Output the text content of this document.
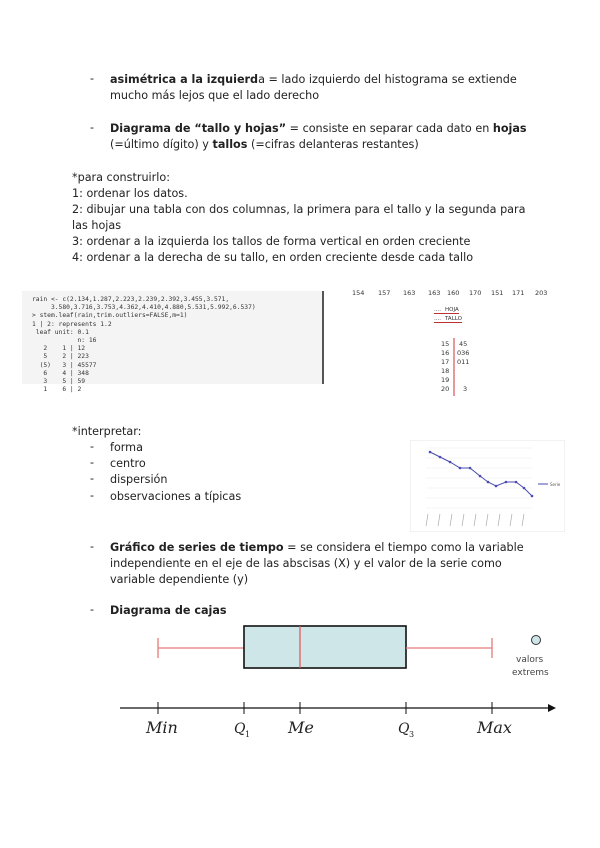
- asimétrica a la izquierda = lado izquierdo del histograma se extiende
mucho más lejos que el lado derecho
- Diagrama de “tallo y hojas” = consiste en separar cada dato en hojas
(=último dígito) y tallos (=cifras delanteras restantes)
*para construirlo:
1: ordenar los datos.
2: dibujar una tabla con dos columnas, la primera para el tallo y la segunda para
las hojas
3: ordenar a la izquierda los tallos de forma vertical en orden creciente
4: ordenar a la derecha de su tallo, en orden creciente desde cada tallo
rain <- c(2.134,1.287,2.223,2.239,2.392,3.455,3.571,
3.580,3.716,3.753,4.362,4.410,4.880,5.531,5.992,6.537)
> stem.leaf(rain,trim.outliers=FALSE,m=1)
1 | 2: represents 1.2
leaf unit: 0.1
n: 16
2    1 | 12
5    2 | 223
(5)   3 | 45577
6    4 | 348
3    5 | 59
1    6 | 2
154 157 163 163 160 170 151 171 203
.... HOJA
.... TALLO
15 45
16 036
17 011
18
19
20 3
*interpretar:
- forma
- centro
- dispersión
- observaciones a típicas
Serie
- Gráfico de series de tiempo = se considera el tiempo como la variable
independiente en el eje de las abscisas (X) y el valor de la serie como
variable dependiente (y)
- Diagrama de cajas
valors
extrems
Min	Q 1 Me	Q 3	Max
